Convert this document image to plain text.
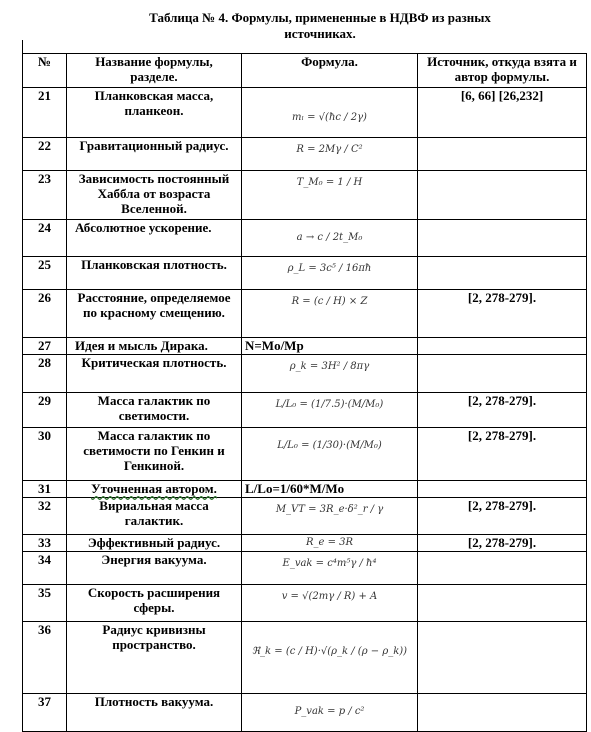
Таблица № 4. Формулы, примененные в НДВФ из разных
источниках.
№	Название формулы, разделе.	Формула.	Источник, откуда взята и автор формулы.
21	Планковская масса, планкеон.	mₗ = √(ħc / 2γ)	[6, 66] [26,232]
22	Гравитационный радиус.	R = 2Mγ / C²	
23	Зависимость постоянный Хаббла от возраста Вселенной.	T_M₀ = 1 / H	
24	Абсолютное ускорение.	a → c / 2t_M₀	
25	Планковская плотность.	ρ_L = 3c⁵ / 16πħ	
26	Расстояние, определяемое по красному смещению.	R = (c / H) × Z	[2, 278-279].
27	Идея и мысль Дирака.	N=Mo/Mp	
28	Критическая плотность.	ρ_k = 3H² / 8πγ	
29	Масса галактик по светимости.	L/L₀ = (1/7.5)·(M/M₀)	[2, 278-279].
30	Масса галактик по светимости по Генкин и Генкиной.	L/L₀ = (1/30)·(M/M₀)	[2, 278-279].
31	Уточненная автором.	L/Lo=1/60*M/Mo	
32	Вириальная масса галактик.	M_VT = 3R_e·δ²_r / γ	[2, 278-279].
33	Эффективный радиус.	R_e = 3R	[2, 278-279].
34	Энергия вакуума.	E_vak = c⁴m⁵γ / ħ⁴	
35	Скорость расширения сферы.	v = √(2mγ / R) + A	
36	Радиус кривизны пространство.	ℜ_k = (c / H)·√(ρ_k / (ρ − ρ_k))	
37	Плотность вакуума.	P_vak = p / c²	
